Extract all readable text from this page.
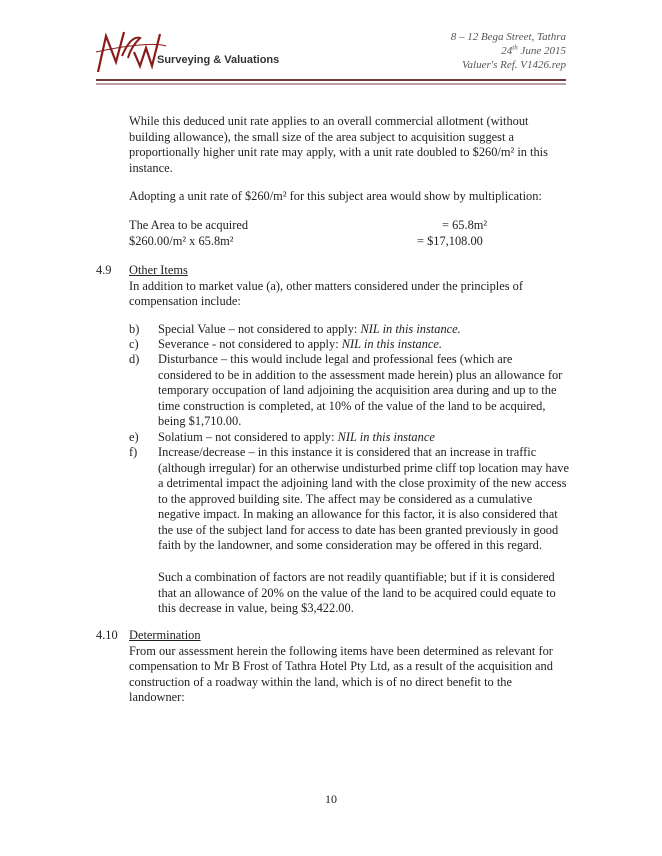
Surveying & Valuations
8 – 12 Bega Street, Tathra
24th June 2015
Valuer's Ref. V1426.rep
While this deduced unit rate applies to an overall commercial allotment (without building allowance), the small size of the area subject to acquisition suggest a proportionally higher unit rate may apply, with a unit rate doubled to $260/m² in this instance.
Adopting a unit rate of $260/m² for this subject area would show by multiplication:
The Area to be acquired	= 65.8m²
$260.00/m² x 65.8m²	= $17,108.00
4.9 Other Items
In addition to market value (a), other matters considered under the principles of compensation include:
b) Special Value – not considered to apply: NIL in this instance.
c) Severance - not considered to apply: NIL in this instance.
d) Disturbance – this would include legal and professional fees (which are considered to be in addition to the assessment made herein) plus an allowance for temporary occupation of land adjoining the acquisition area during and up to the time construction is completed, at 10% of the value of the land to be acquired, being $1,710.00.
e) Solatium – not considered to apply: NIL in this instance
f) Increase/decrease – in this instance it is considered that an increase in traffic (although irregular) for an otherwise undisturbed prime cliff top location may have a detrimental impact the adjoining land with the close proximity of the new access to the approved building site. The affect may be considered as a cumulative negative impact. In making an allowance for this factor, it is also considered that the use of the subject land for access to date has been granted previously in good faith by the landowner, and some consideration may be offered in this regard.
Such a combination of factors are not readily quantifiable; but if it is considered that an allowance of 20% on the value of the land to be acquired could equate to this decrease in value, being $3,422.00.
4.10 Determination
From our assessment herein the following items have been determined as relevant for compensation to Mr B Frost of Tathra Hotel Pty Ltd, as a result of the acquisition and construction of a roadway within the land, which is of no direct benefit to the landowner:
10
